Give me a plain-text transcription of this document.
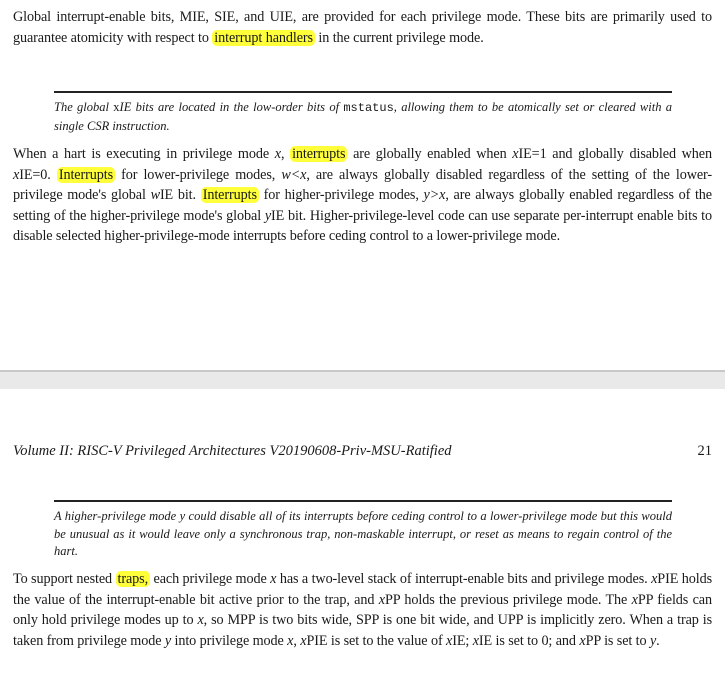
Global interrupt-enable bits, MIE, SIE, and UIE, are provided for each privilege mode. These bits are primarily used to guarantee atomicity with respect to interrupt handlers in the current privilege mode.
The global xIE bits are located in the low-order bits of mstatus, allowing them to be atomically set or cleared with a single CSR instruction.
When a hart is executing in privilege mode x, interrupts are globally enabled when xIE=1 and globally disabled when xIE=0. Interrupts for lower-privilege modes, w<x, are always globally disabled regardless of the setting of the lower-privilege mode's global wIE bit. Interrupts for higher-privilege modes, y>x, are always globally enabled regardless of the setting of the higher-privilege mode's global yIE bit. Higher-privilege-level code can use separate per-interrupt enable bits to disable selected higher-privilege-mode interrupts before ceding control to a lower-privilege mode.
Volume II: RISC-V Privileged Architectures V20190608-Priv-MSU-Ratified	21
A higher-privilege mode y could disable all of its interrupts before ceding control to a lower-privilege mode but this would be unusual as it would leave only a synchronous trap, non-maskable interrupt, or reset as means to regain control of the hart.
To support nested traps, each privilege mode x has a two-level stack of interrupt-enable bits and privilege modes. xPIE holds the value of the interrupt-enable bit active prior to the trap, and xPP holds the previous privilege mode. The xPP fields can only hold privilege modes up to x, so MPP is two bits wide, SPP is one bit wide, and UPP is implicitly zero. When a trap is taken from privilege mode y into privilege mode x, xPIE is set to the value of xIE; xIE is set to 0; and xPP is set to y.
